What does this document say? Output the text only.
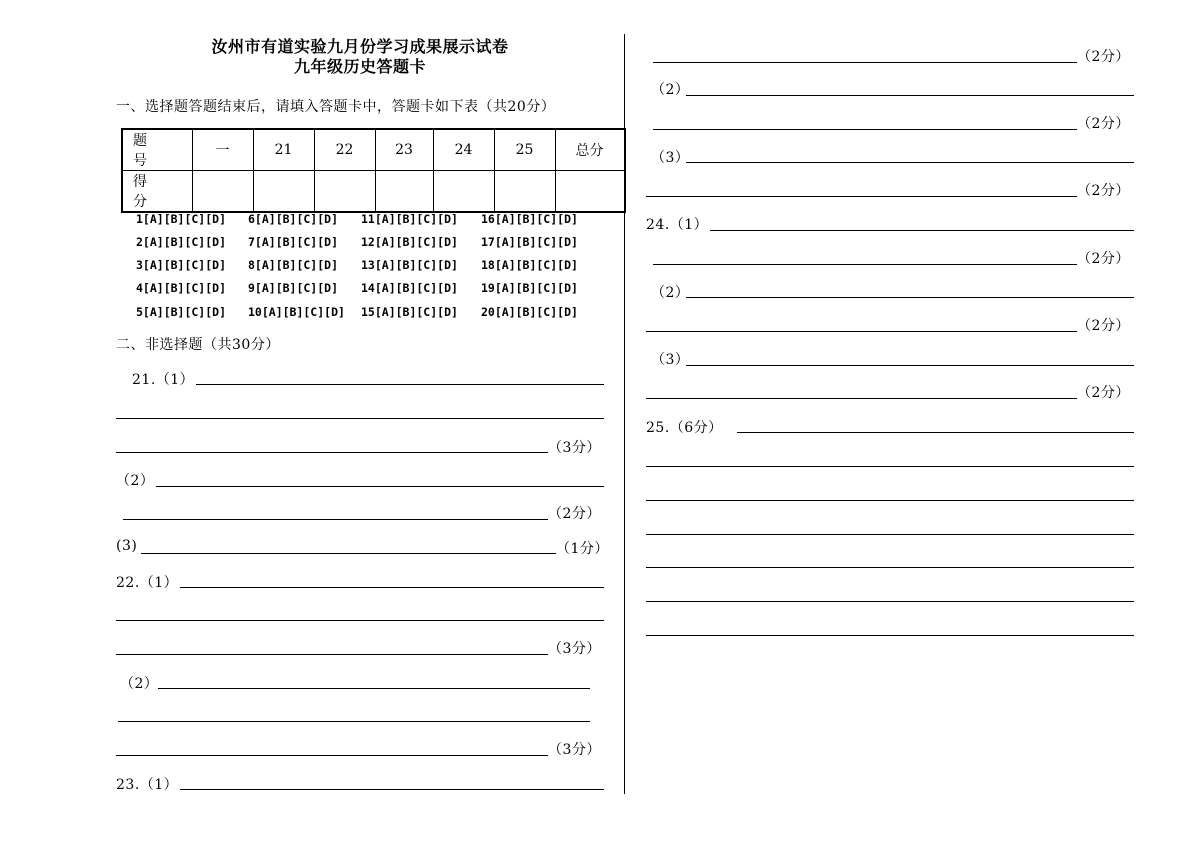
汝州市有道实验九月份学习成果展示试卷
九年级历史答题卡
一、选择题答题结束后，请填入答题卡中，答题卡如下表（共20分）
题　号	一	21	22	23	24	25	总分
得　分							
1[A][B][C][D]
2[A][B][C][D]
3[A][B][C][D]
4[A][B][C][D]
5[A][B][C][D]
6[A][B][C][D]
7[A][B][C][D]
8[A][B][C][D]
9[A][B][C][D]
10[A][B][C][D]
11[A][B][C][D]
12[A][B][C][D]
13[A][B][C][D]
14[A][B][C][D]
15[A][B][C][D]
16[A][B][C][D]
17[A][B][C][D]
18[A][B][C][D]
19[A][B][C][D]
20[A][B][C][D]
二、非选择题（共30分）
21.（1）
（3分）
（2）
（2分）
(3)	（1分）
22.（1）
（3分）
（2）
（3分）
23.（1）
（2分）
（2）
（2分）
（3）
（2分）
24.（1）
（2分）
（2）
（2分）
（3）
（2分）
25.（6分）
